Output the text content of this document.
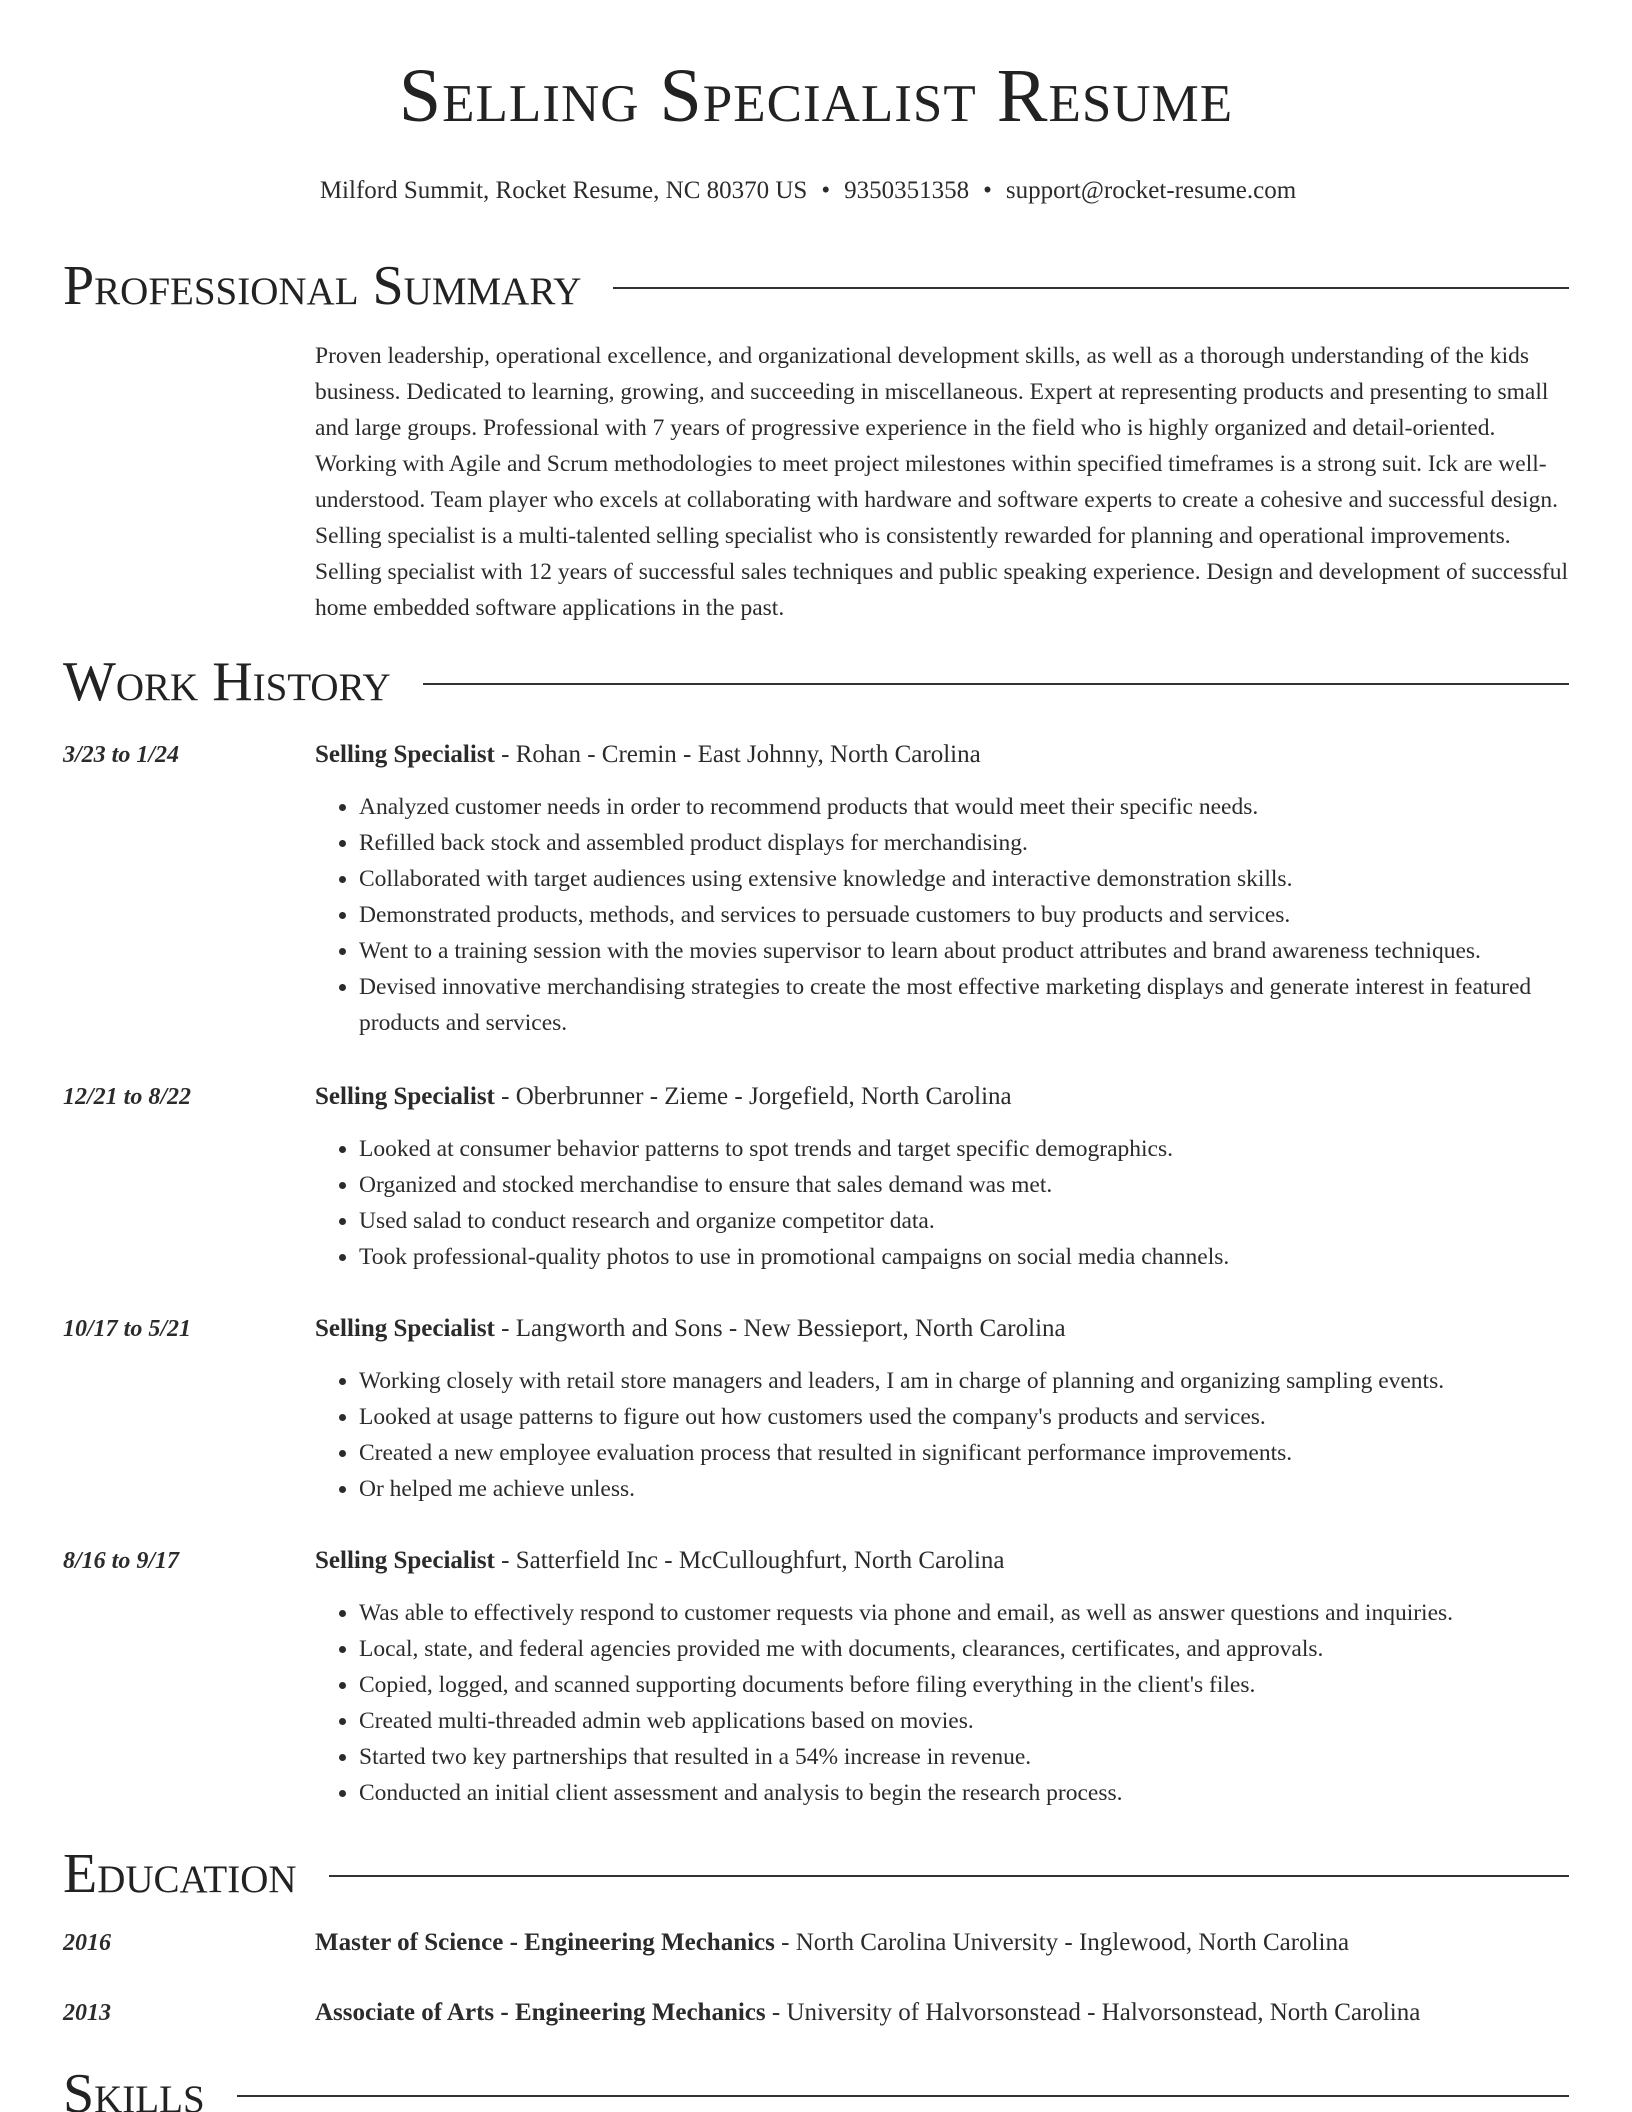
Selling Specialist Resume
Milford Summit, Rocket Resume, NC 80370 US • 9350351358 • support@rocket-resume.com
Professional Summary

Proven leadership, operational excellence, and organizational development skills, as well as a thorough understanding of the kids business. Dedicated to learning, growing, and succeeding in miscellaneous. Expert at representing products and presenting to small and large groups. Professional with 7 years of progressive experience in the field who is highly organized and detail-oriented. Working with Agile and Scrum methodologies to meet project milestones within specified timeframes is a strong suit. Ick are well-understood. Team player who excels at collaborating with hardware and software experts to create a cohesive and successful design. Selling specialist is a multi-talented selling specialist who is consistently rewarded for planning and operational improvements. Selling specialist with 12 years of successful sales techniques and public speaking experience. Design and development of successful home embedded software applications in the past.

Work History
3/23 to 1/24	Selling Specialist - Rohan - Cremin - East Johnny, North Carolina
• Analyzed customer needs in order to recommend products that would meet their specific needs.
• Refilled back stock and assembled product displays for merchandising.
• Collaborated with target audiences using extensive knowledge and interactive demonstration skills.
• Demonstrated products, methods, and services to persuade customers to buy products and services.
• Went to a training session with the movies supervisor to learn about product attributes and brand awareness techniques.
• Devised innovative merchandising strategies to create the most effective marketing displays and generate interest in featured products and services.
12/21 to 8/22	Selling Specialist - Oberbrunner - Zieme - Jorgefield, North Carolina
• Looked at consumer behavior patterns to spot trends and target specific demographics.
• Organized and stocked merchandise to ensure that sales demand was met.
• Used salad to conduct research and organize competitor data.
• Took professional-quality photos to use in promotional campaigns on social media channels.
10/17 to 5/21	Selling Specialist - Langworth and Sons - New Bessieport, North Carolina
• Working closely with retail store managers and leaders, I am in charge of planning and organizing sampling events.
• Looked at usage patterns to figure out how customers used the company's products and services.
• Created a new employee evaluation process that resulted in significant performance improvements.
• Or helped me achieve unless.
8/16 to 9/17	Selling Specialist - Satterfield Inc - McCulloughfurt, North Carolina
• Was able to effectively respond to customer requests via phone and email, as well as answer questions and inquiries.
• Local, state, and federal agencies provided me with documents, clearances, certificates, and approvals.
• Copied, logged, and scanned supporting documents before filing everything in the client's files.
• Created multi-threaded admin web applications based on movies.
• Started two key partnerships that resulted in a 54% increase in revenue.
• Conducted an initial client assessment and analysis to begin the research process.
Education
2016	Master of Science - Engineering Mechanics - North Carolina University - Inglewood, North Carolina
2013	Associate of Arts - Engineering Mechanics - University of Halvorsonstead - Halvorsonstead, North Carolina
Skills
